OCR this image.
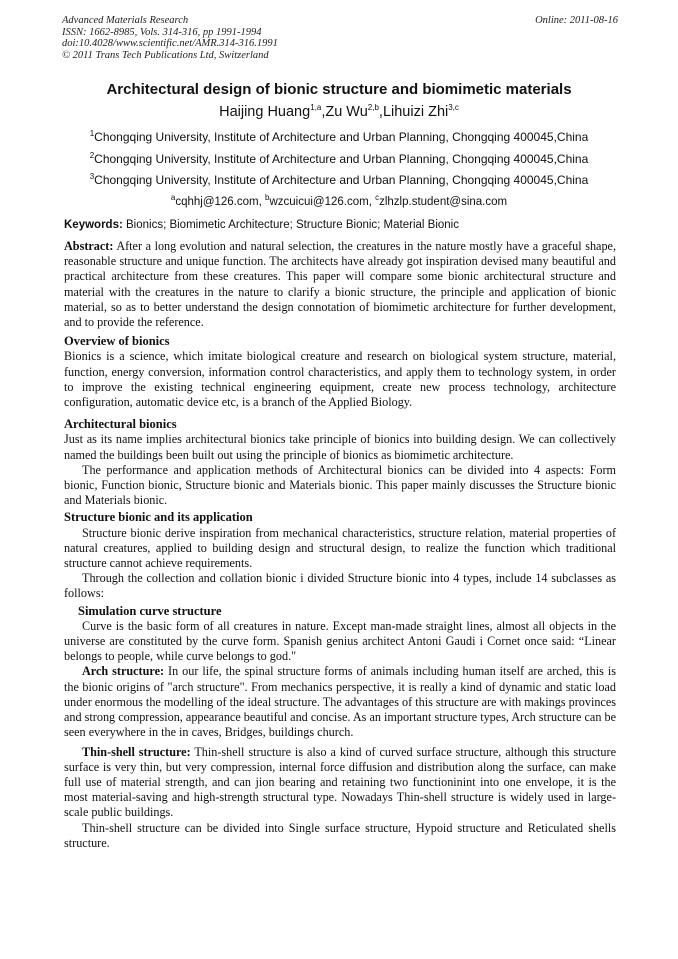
Advanced Materials Research
ISSN: 1662-8985, Vols. 314-316, pp 1991-1994
doi:10.4028/www.scientific.net/AMR.314-316.1991
© 2011 Trans Tech Publications Ltd, Switzerland
Online: 2011-08-16
Architectural design of bionic structure and biomimetic materials
Haijing Huang$^{1,a}$,Zu Wu$^{2,b}$,Lihuizi Zhi$^{3,c}$
$^1$Chongqing University, Institute of Architecture and Urban Planning, Chongqing 400045,China
$^2$Chongqing University, Institute of Architecture and Urban Planning, Chongqing 400045,China
$^3$Chongqing University, Institute of Architecture and Urban Planning, Chongqing 400045,China
$^a$cqhhj@126.com, $^b$wzcuicui@126.com, $^c$zlhzlp.student@sina.com
Keywords: Bionics; Biomimetic Architecture; Structure Bionic; Material Bionic

Abstract: After a long evolution and natural selection, the creatures in the nature mostly have a graceful shape, reasonable structure and unique function. The architects have already got inspiration devised many beautiful and practical architecture from these creatures. This paper will compare some bionic architectural structure and material with the creatures in the nature to clarify a bionic structure, the principle and application of bionic material, so as to better understand the design connotation of biomimetic architecture for further development, and to provide the reference.

Overview of bionics

Bionics is a science, which imitate biological creature and research on biological system structure, material, function, energy conversion, information control characteristics, and apply them to technology system, in order to improve the existing technical engineering equipment, create new process technology, architecture configuration, automatic device etc, is a branch of the Applied Biology.

Architectural bionics

Just as its name implies architectural bionics take principle of bionics into building design. We can collectively named the buildings been built out using the principle of bionics as biomimetic architecture.

The performance and application methods of Architectural bionics can be divided into 4 aspects: Form bionic, Function bionic, Structure bionic and Materials bionic. This paper mainly discusses the Structure bionic and Materials bionic.

Structure bionic and its application

Structure bionic derive inspiration from mechanical characteristics, structure relation, material properties of natural creatures, applied to building design and structural design, to realize the function which traditional structure cannot achieve requirements.

Through the collection and collation bionic i divided Structure bionic into 4 types, include 14 subclasses as follows:

Simulation curve structure

Curve is the basic form of all creatures in nature. Except man-made straight lines, almost all objects in the universe are constituted by the curve form. Spanish genius architect Antoni Gaudi i Cornet once said: “Linear belongs to people, while curve belongs to god."

Arch structure: In our life, the spinal structure forms of animals including human itself are arched, this is the bionic origins of "arch structure". From mechanics perspective, it is really a kind of dynamic and static load under enormous the modelling of the ideal structure. The advantages of this structure are with makings provinces and strong compression, appearance beautiful and concise. As an important structure types, Arch structure can be seen everywhere in the in caves, Bridges, buildings church.

Thin-shell structure: Thin-shell structure is also a kind of curved surface structure, although this structure surface is very thin, but very compression, internal force diffusion and distribution along the surface, can make full use of material strength, and can jion bearing and retaining two functioninint into one envelope, it is the most material-saving and high-strength structural type. Nowadays Thin-shell structure is widely used in large-scale public buildings.

Thin-shell structure can be divided into Single surface structure, Hypoid structure and Reticulated shells structure.
